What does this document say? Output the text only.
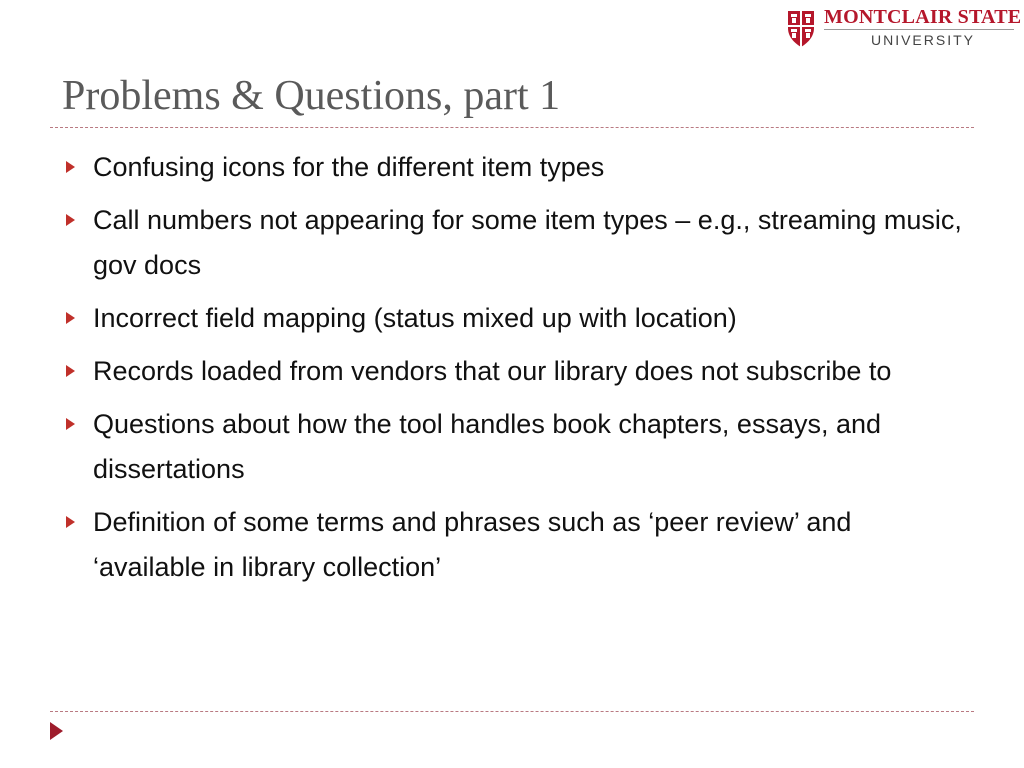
MONTCLAIR STATE
UNIVERSITY
Problems & Questions, part 1
Confusing icons for the different item types
Call numbers not appearing for some item types – e.g., streaming music, gov docs
Incorrect field mapping (status mixed up with location)
Records loaded from vendors that our library does not subscribe to
Questions about how the tool handles book chapters, essays, and dissertations
Definition of some terms and phrases such as ‘peer review’ and ‘available in library collection’
